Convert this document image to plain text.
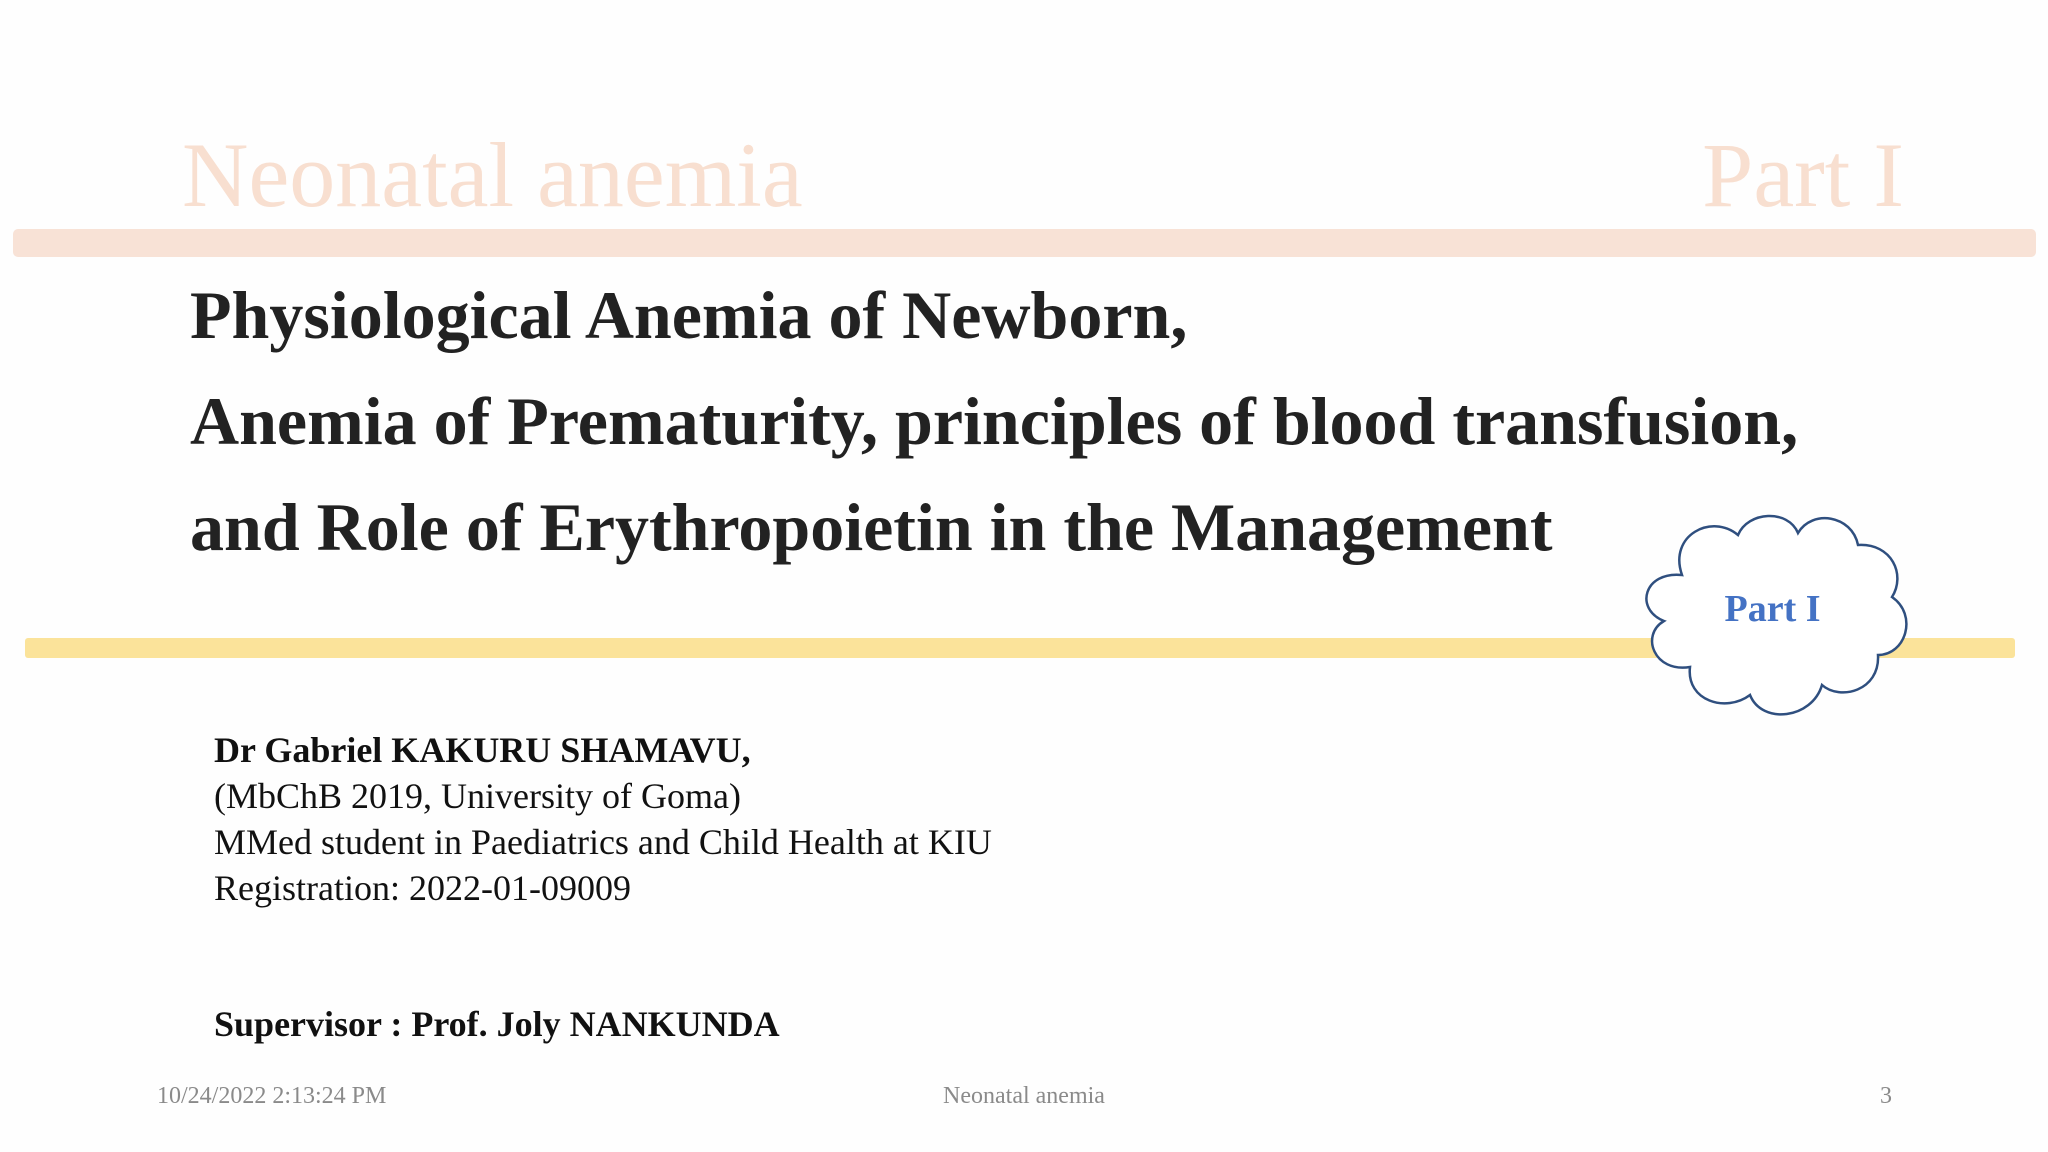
Neonatal anemia	Part I
Physiological Anemia of Newborn,
Anemia of Prematurity, principles of blood transfusion,
and Role of Erythropoietin in the Management
Part I
Dr Gabriel KAKURU SHAMAVU,
(MbChB 2019, University of Goma)
MMed student in Paediatrics and Child Health at KIU
Registration: 2022-01-09009
Supervisor : Prof. Joly NANKUNDA
10/24/2022 2:13:24 PM	Neonatal anemia	3
